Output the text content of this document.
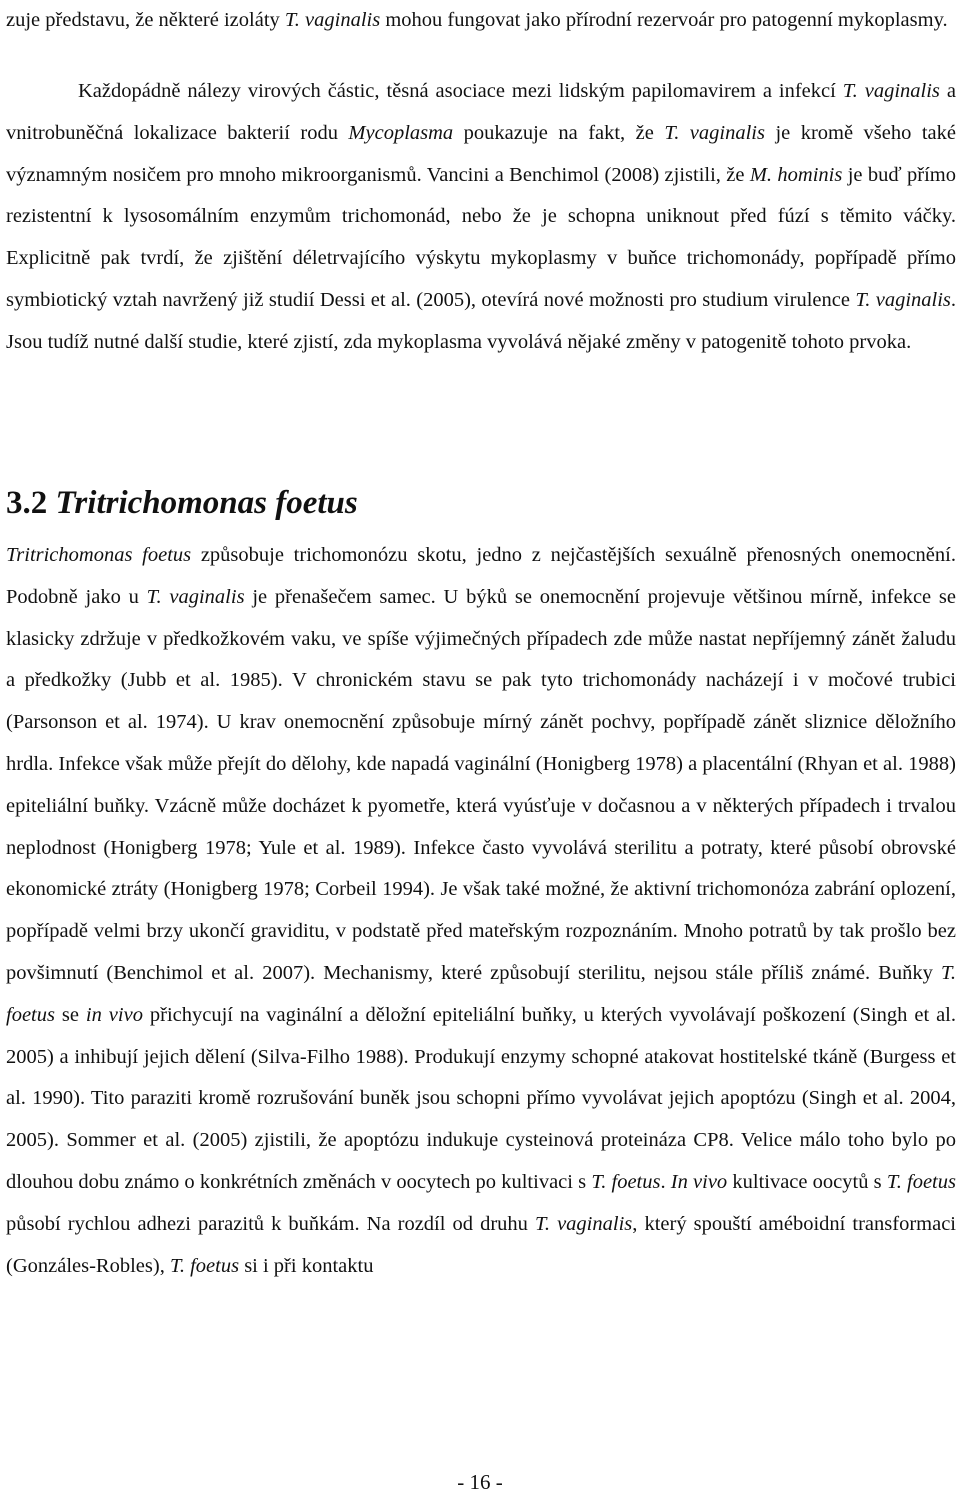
zuje představu, že některé izoláty T. vaginalis mohou fungovat jako přírodní rezervoár pro patogenní mykoplasmy.

Každopádně nálezy virových částic, těsná asociace mezi lidským papilomavirem a infekcí T. vaginalis a vnitrobuněčná lokalizace bakterií rodu Mycoplasma poukazuje na fakt, že T. vaginalis je kromě všeho také významným nosičem pro mnoho mikroorganismů. Vancini a Benchimol (2008) zjistili, že M. hominis je buď přímo rezistentní k lysosomálním enzymům trichomonád, nebo že je schopna uniknout před fúzí s těmito váčky. Explicitně pak tvrdí, že zjištění déletrvajícího výskytu mykoplasmy v buňce trichomonády, popřípadě přímo symbiotický vztah navržený již studií Dessi et al. (2005), otevírá nové možnosti pro studium virulence T. vaginalis. Jsou tudíž nutné další studie, které zjistí, zda mykoplasma vyvolává nějaké změny v patogenitě tohoto prvoka.

3.2 Tritrichomonas foetus

Tritrichomonas foetus způsobuje trichomonózu skotu, jedno z nejčastějších sexuálně přenosných onemocnění. Podobně jako u T. vaginalis je přenašečem samec. U býků se onemocnění projevuje většinou mírně, infekce se klasicky zdržuje v předkožkovém vaku, ve spíše výjimečných případech zde může nastat nepříjemný zánět žaludu a předkožky (Jubb et al. 1985). V chronickém stavu se pak tyto trichomonády nacházejí i v močové trubici (Parsonson et al. 1974). U krav onemocnění způsobuje mírný zánět pochvy, popřípadě zánět sliznice děložního hrdla. Infekce však může přejít do dělohy, kde napadá vaginální (Honigberg 1978) a placentální (Rhyan et al. 1988) epiteliální buňky. Vzácně může docházet k pyometře, která vyúsťuje v dočasnou a v některých případech i trvalou neplodnost (Honigberg 1978; Yule et al. 1989). Infekce často vyvolává sterilitu a potraty, které působí obrovské ekonomické ztráty (Honigberg 1978; Corbeil 1994). Je však také možné, že aktivní trichomonóza zabrání oplození, popřípadě velmi brzy ukončí graviditu, v podstatě před mateřským rozpoznáním. Mnoho potratů by tak prošlo bez povšimnutí (Benchimol et al. 2007). Mechanismy, které způsobují sterilitu, nejsou stále příliš známé. Buňky T. foetus se in vivo přichycují na vaginální a děložní epiteliální buňky, u kterých vyvolávají poškození (Singh et al. 2005) a inhibují jejich dělení (Silva-Filho 1988). Produkují enzymy schopné atakovat hostitelské tkáně (Burgess et al. 1990). Tito paraziti kromě rozrušování buněk jsou schopni přímo vyvolávat jejich apoptózu (Singh et al. 2004, 2005). Sommer et al. (2005) zjistili, že apoptózu indukuje cysteinová proteináza CP8. Velice málo toho bylo po dlouhou dobu známo o konkrétních změnách v oocytech po kultivaci s T. foetus. In vivo kultivace oocytů s T. foetus působí rychlou adhezi parazitů k buňkám. Na rozdíl od druhu T. vaginalis, který spouští améboidní transformaci (Gonzáles-Robles), T. foetus si i při kontaktu

- 16 -
